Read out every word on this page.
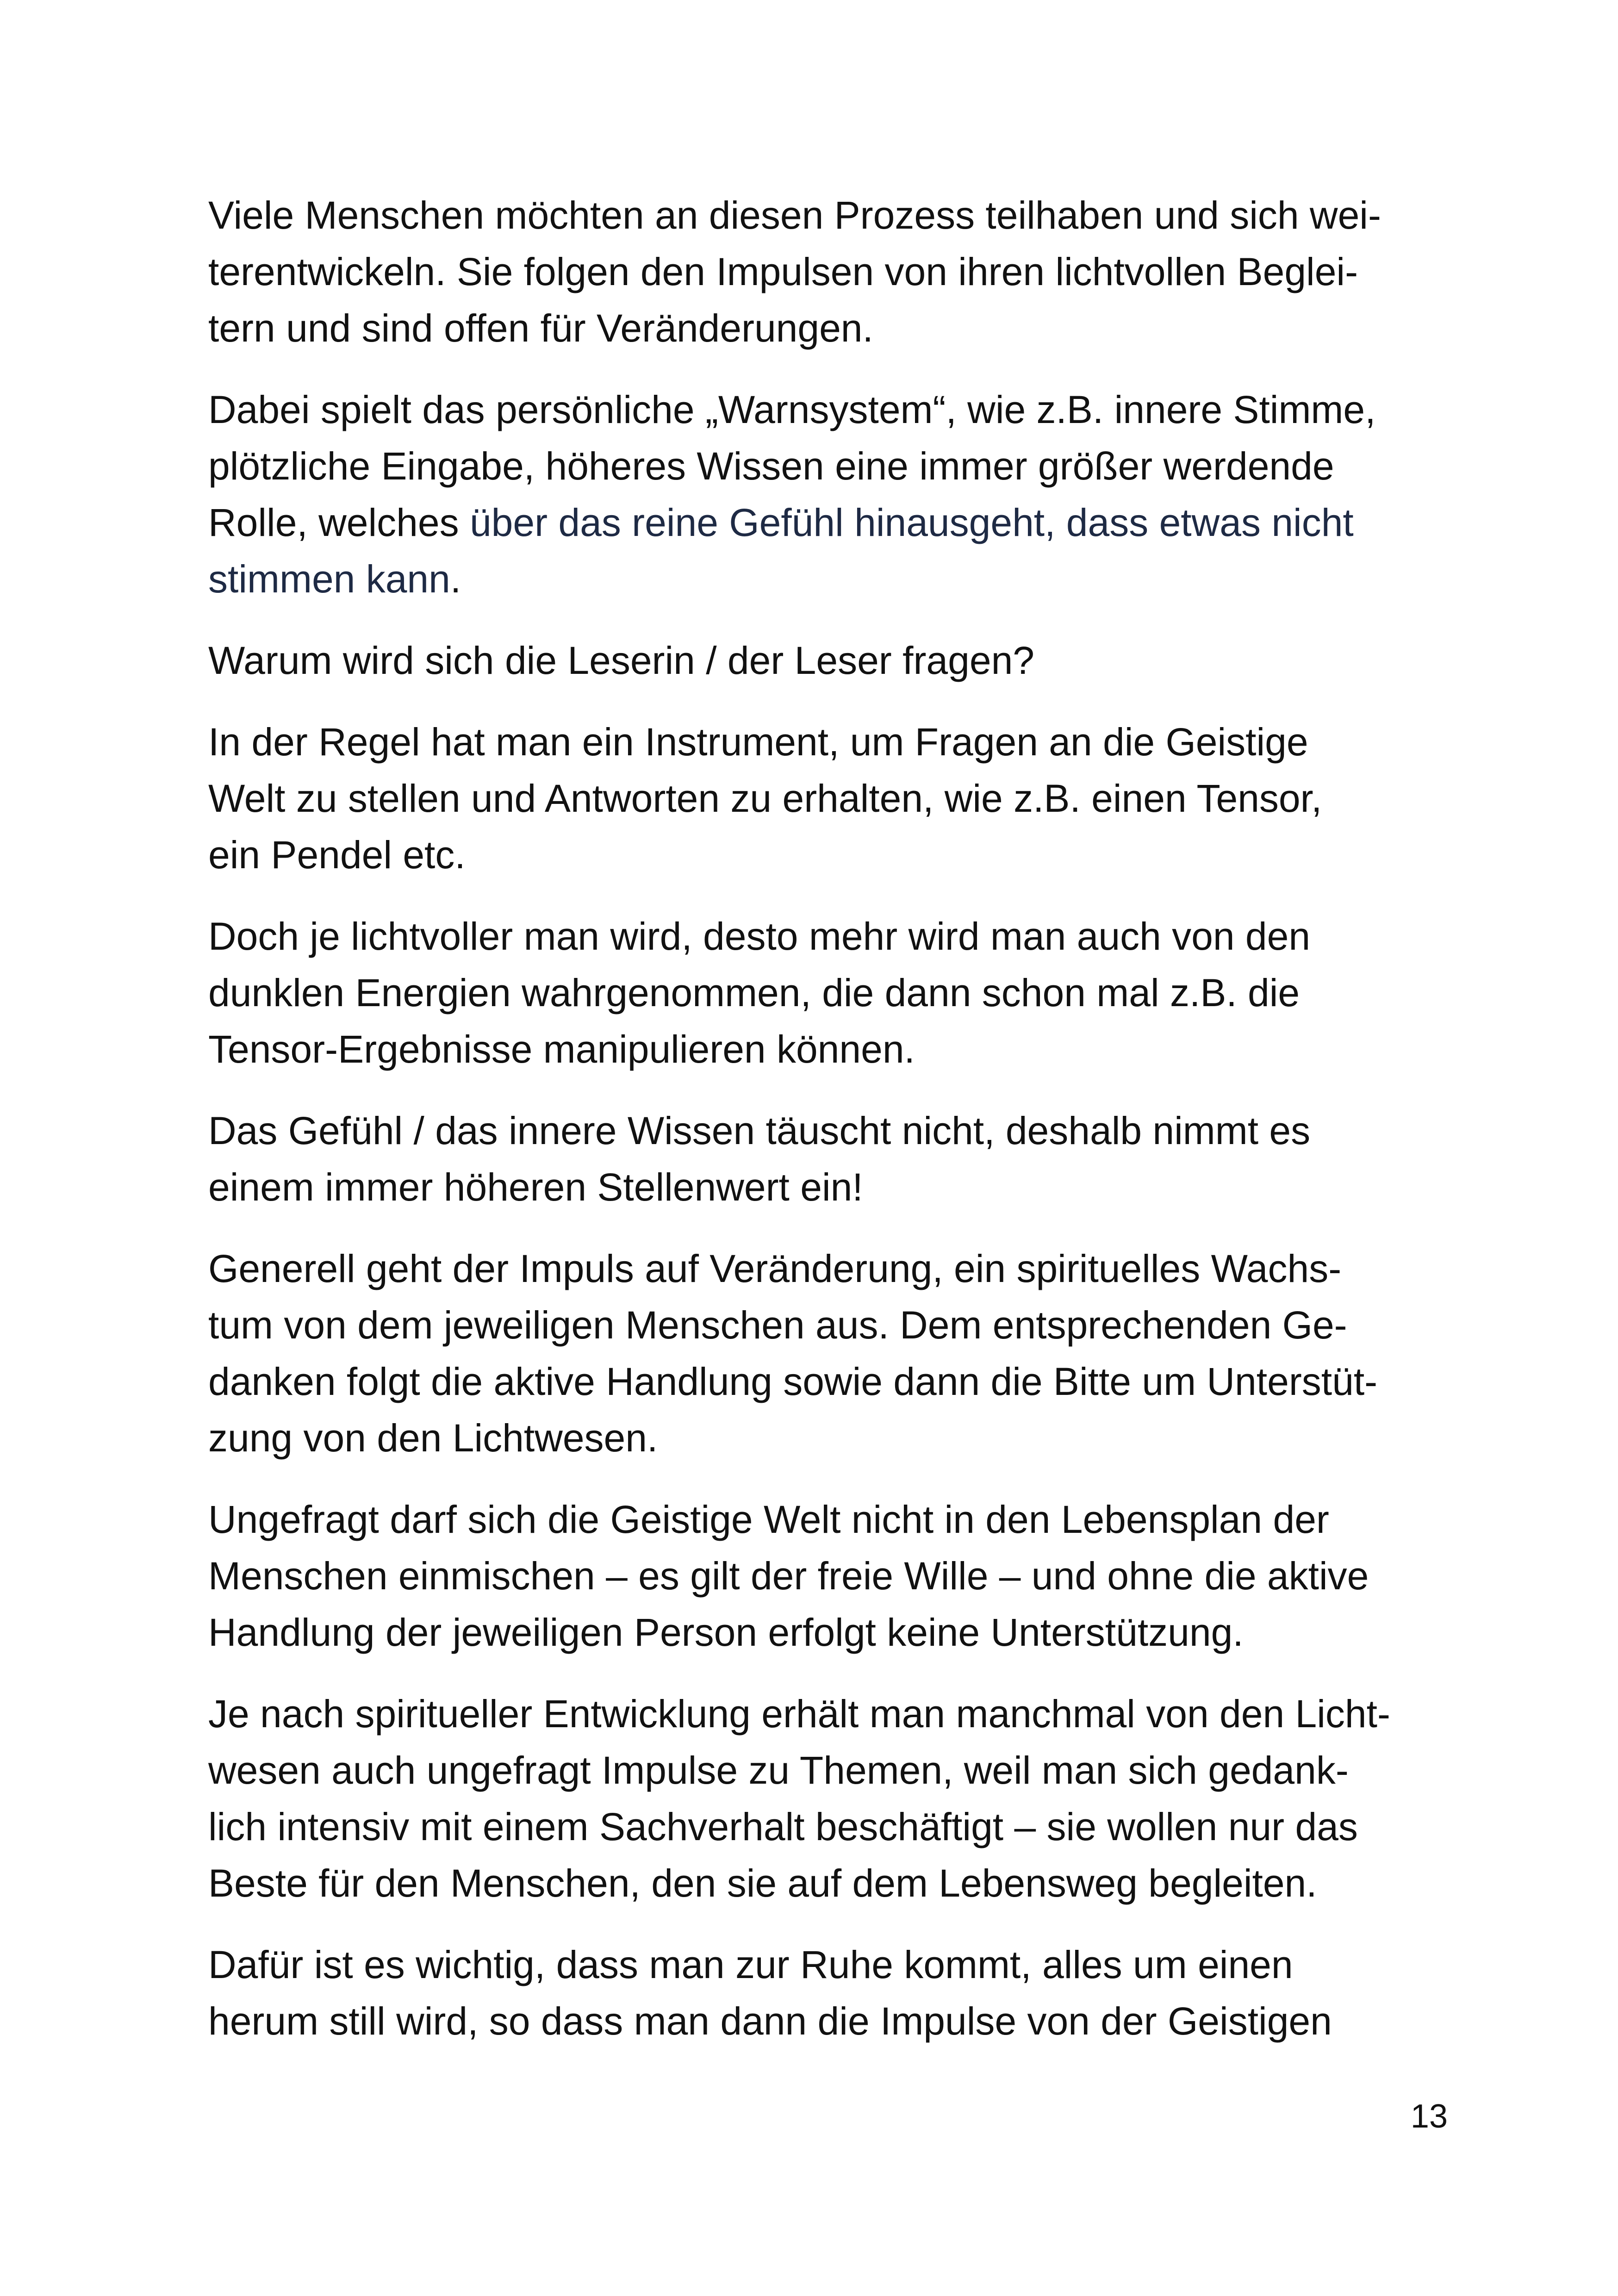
Viele Menschen möchten an diesen Prozess teilhaben und sich wei-
terentwickeln. Sie folgen den Impulsen von ihren lichtvollen Beglei-
tern und sind offen für Veränderungen.

Dabei spielt das persönliche „Warnsystem“, wie z.B. innere Stimme,
plötzliche Eingabe, höheres Wissen eine immer größer werdende
Rolle, welches über das reine Gefühl hinausgeht, dass etwas nicht
stimmen kann.

Warum wird sich die Leserin / der Leser fragen?

In der Regel hat man ein Instrument, um Fragen an die Geistige
Welt zu stellen und Antworten zu erhalten, wie z.B. einen Tensor,
ein Pendel etc.

Doch je lichtvoller man wird, desto mehr wird man auch von den
dunklen Energien wahrgenommen, die dann schon mal z.B. die
Tensor-Ergebnisse manipulieren können.

Das Gefühl / das innere Wissen täuscht nicht, deshalb nimmt es
einem immer höheren Stellenwert ein!

Generell geht der Impuls auf Veränderung, ein spirituelles Wachs-
tum von dem jeweiligen Menschen aus. Dem entsprechenden Ge-
danken folgt die aktive Handlung sowie dann die Bitte um Unterstüt-
zung von den Lichtwesen.

Ungefragt darf sich die Geistige Welt nicht in den Lebensplan der
Menschen einmischen – es gilt der freie Wille – und ohne die aktive
Handlung der jeweiligen Person erfolgt keine Unterstützung.

Je nach spiritueller Entwicklung erhält man manchmal von den Licht-
wesen auch ungefragt Impulse zu Themen, weil man sich gedank-
lich intensiv mit einem Sachverhalt beschäftigt – sie wollen nur das
Beste für den Menschen, den sie auf dem Lebensweg begleiten.

Dafür ist es wichtig, dass man zur Ruhe kommt, alles um einen
herum still wird, so dass man dann die Impulse von der Geistigen

13
